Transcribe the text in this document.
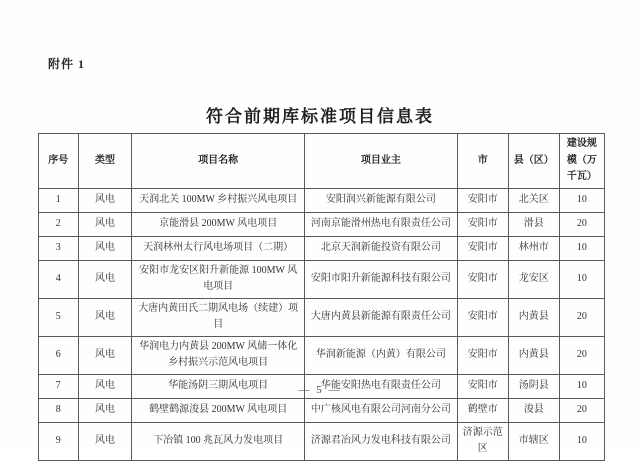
附件 1
符合前期库标准项目信息表
序号	类型	项目名称	项目业主	市	县（区）	建设规模（万千瓦）
1	风电	天润北关 100MW 乡村振兴风电项目	安阳润兴新能源有限公司	安阳市	北关区	10
2	风电	京能滑县 200MW 风电项目	河南京能滑州热电有限责任公司	安阳市	滑县	20
3	风电	天润林州太行风电场项目（二期）	北京天润新能投资有限公司	安阳市	林州市	10
4	风电	安阳市龙安区阳升新能源 100MW 风电项目	安阳市阳升新能源科技有限公司	安阳市	龙安区	10
5	风电	大唐内黄田氏二期风电场（续建）项目	大唐内黄县新能源有限责任公司	安阳市	内黄县	20
6	风电	华润电力内黄县 200MW 风储一体化乡村振兴示范风电项目	华润新能源（内黄）有限公司	安阳市	内黄县	20
7	风电	华能汤阴三期风电项目	华能安阳热电有限责任公司	安阳市	汤阴县	10
8	风电	鹤壁鹤源浚县 200MW 风电项目	中广核风电有限公司河南分公司	鹤壁市	浚县	20
9	风电	下冶镇 100 兆瓦风力发电项目	济源君冶风力发电科技有限公司	济源示范区	市辖区	10
— 5 —
